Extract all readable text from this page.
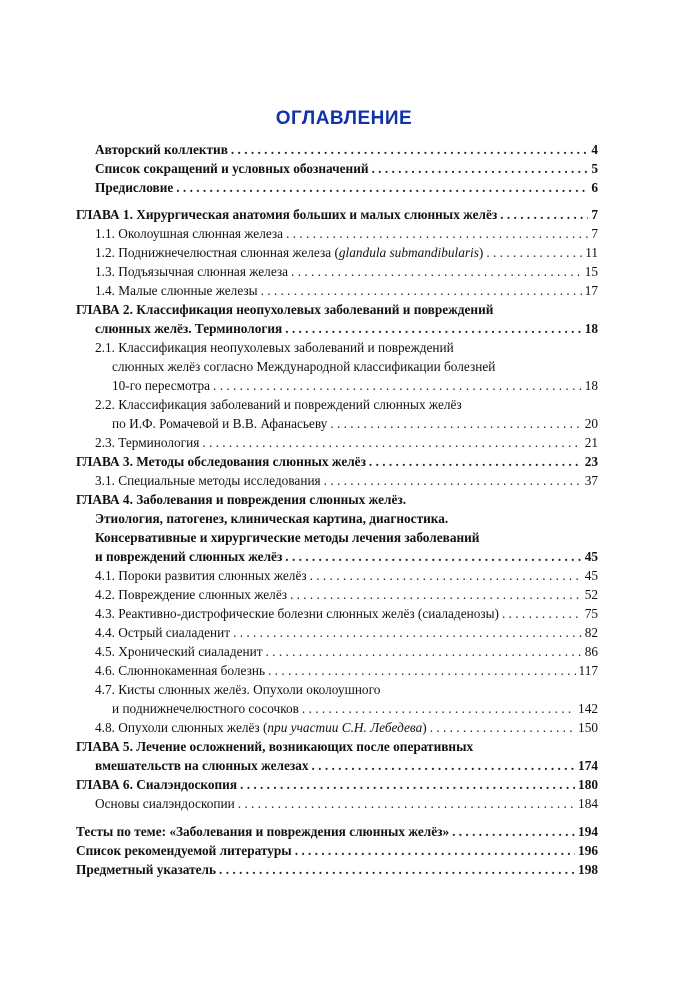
ОГЛАВЛЕНИЕ
Авторский коллектив . . .	4
Список сокращений и условных обозначений . . .	5
Предисловие . . .	6
ГЛАВА 1. Хирургическая анатомия больших и малых слюнных желёз . . .	7
1.1. Околоушная слюнная железа . . .	7
1.2. Поднижнечелюстная слюнная железа (glandula submandibularis) . . .	11
1.3. Подъязычная слюнная железа . . .	15
1.4. Малые слюнные железы . . .	17
ГЛАВА 2. Классификация неопухолевых заболеваний и повреждений
слюнных желёз. Терминология . . .	18
2.1. Классификация неопухолевых заболеваний и повреждений
слюнных желёз согласно Международной классификации болезней
10-го пересмотра . . .	18
2.2. Классификация заболеваний и повреждений слюнных желёз
по И.Ф. Ромачевой и В.В. Афанасьеву . . .	20
2.3. Терминология . . .	21
ГЛАВА 3. Методы обследования слюнных желёз . . .	23
3.1. Специальные методы исследования . . .	37
ГЛАВА 4. Заболевания и повреждения слюнных желёз.
Этиология, патогенез, клиническая картина, диагностика.
Консервативные и хирургические методы лечения заболеваний
и повреждений слюнных желёз . . .	45
4.1. Пороки развития слюнных желёз . . .	45
4.2. Повреждение слюнных желёз . . .	52
4.3. Реактивно-дистрофические болезни слюнных желёз (сиаладенозы) . . .	75
4.4. Острый сиаладенит . . .	82
4.5. Хронический сиаладенит . . .	86
4.6. Слюннокаменная болезнь . . .	117
4.7. Кисты слюнных желёз. Опухоли околоушного
и поднижнечелюстного сосочков . . .	142
4.8. Опухоли слюнных желёз (при участии С.Н. Лебедева) . . .	150
ГЛАВА 5. Лечение осложнений, возникающих после оперативных
вмешательств на слюнных железах . . .	174
ГЛАВА 6. Сиалэндоскопия . . .	180
Основы сиалэндоскопии . . .	184
Тесты по теме: «Заболевания и повреждения слюнных желёз» . . .	194
Список рекомендуемой литературы . . .	196
Предметный указатель . . .	198
